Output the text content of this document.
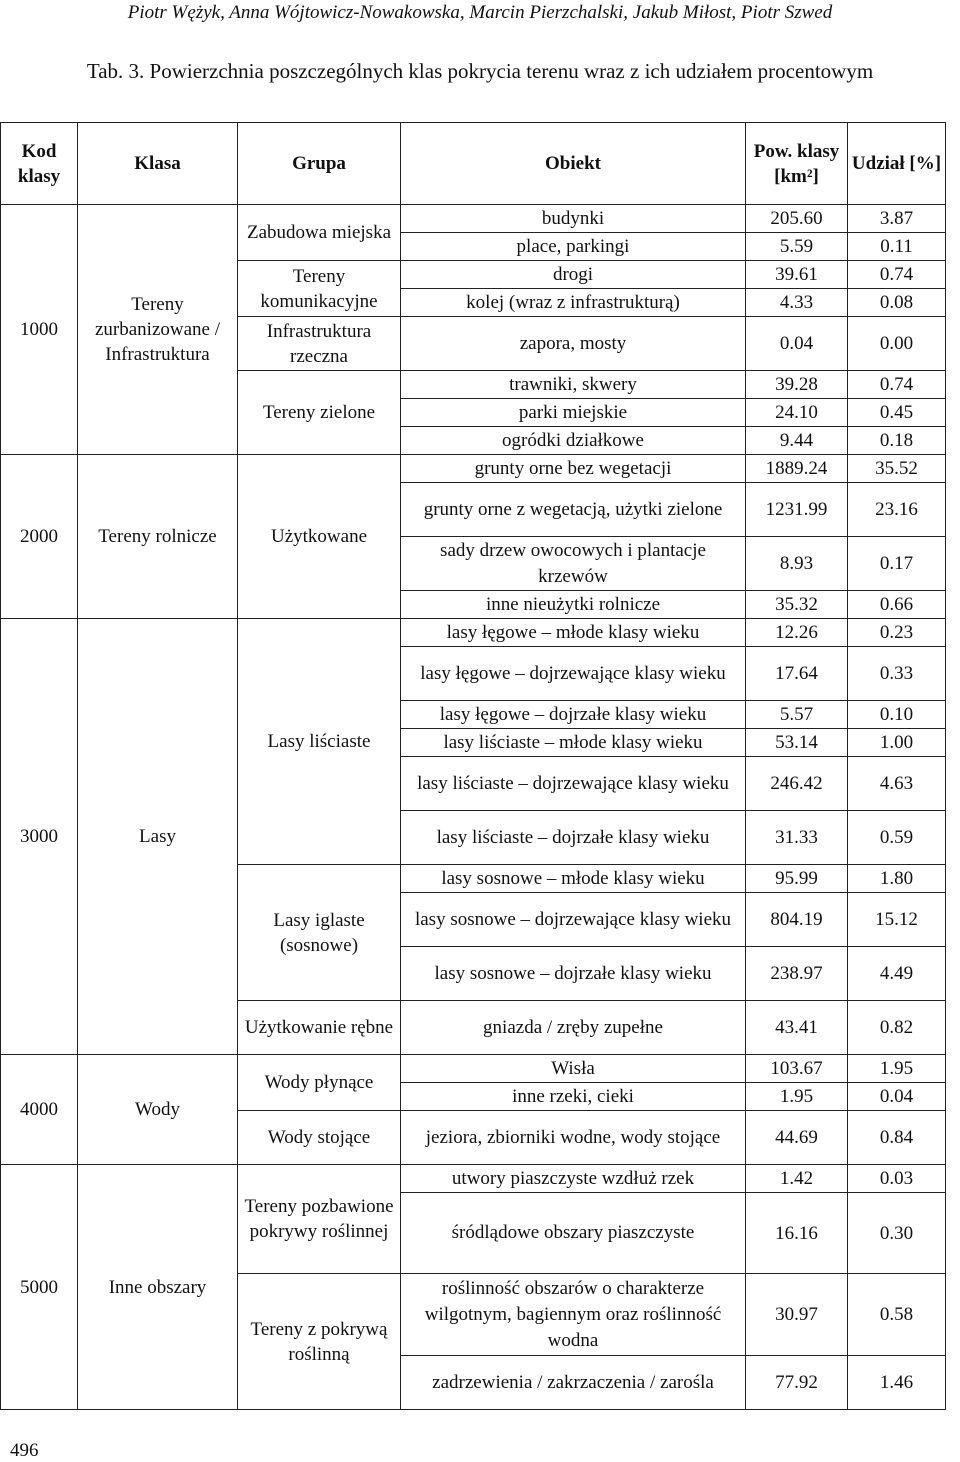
Piotr Wężyk, Anna Wójtowicz-Nowakowska, Marcin Pierzchalski, Jakub Miłost, Piotr Szwed
Tab. 3. Powierzchnia poszczególnych klas pokrycia terenu wraz z ich udziałem procentowym
Kod klasy	Klasa	Grupa	Obiekt	Pow. klasy [km²]	Udział [%]
1000	Tereny zurbanizowane / Infrastruktura	Zabudowa miejska	budynki	205.60	3.87
			place, parkingi	5.59	0.11
		Tereny komunikacyjne	drogi	39.61	0.74
			kolej (wraz z infrastrukturą)	4.33	0.08
		Infrastruktura rzeczna	zapora, mosty	0.04	0.00
		Tereny zielone	trawniki, skwery	39.28	0.74
			parki miejskie	24.10	0.45
			ogródki działkowe	9.44	0.18
2000	Tereny rolnicze	Użytkowane	grunty orne bez wegetacji	1889.24	35.52
			grunty orne z wegetacją, użytki zielone	1231.99	23.16
			sady drzew owocowych i plantacje krzewów	8.93	0.17
			inne nieużytki rolnicze	35.32	0.66
3000	Lasy	Lasy liściaste	lasy łęgowe – młode klasy wieku	12.26	0.23
			lasy łęgowe – dojrzewające klasy wieku	17.64	0.33
			lasy łęgowe – dojrzałe klasy wieku	5.57	0.10
			lasy liściaste – młode klasy wieku	53.14	1.00
			lasy liściaste – dojrzewające klasy wieku	246.42	4.63
			lasy liściaste – dojrzałe klasy wieku	31.33	0.59
		Lasy iglaste (sosnowe)	lasy sosnowe – młode klasy wieku	95.99	1.80
			lasy sosnowe – dojrzewające klasy wieku	804.19	15.12
			lasy sosnowe – dojrzałe klasy wieku	238.97	4.49
		Użytkowanie rębne	gniazda / zręby zupełne	43.41	0.82
4000	Wody	Wody płynące	Wisła	103.67	1.95
			inne rzeki, cieki	1.95	0.04
		Wody stojące	jeziora, zbiorniki wodne, wody stojące	44.69	0.84
5000	Inne obszary	Tereny pozbawione pokrywy roślinnej	utwory piaszczyste wzdłuż rzek	1.42	0.03
			śródlądowe obszary piaszczyste	16.16	0.30
		Tereny z pokrywą roślinną	roślinność obszarów o charakterze wilgotnym, bagiennym oraz roślinność wodna	30.97	0.58
			zadrzewienia / zakrzaczenia / zarośla	77.92	1.46
496
